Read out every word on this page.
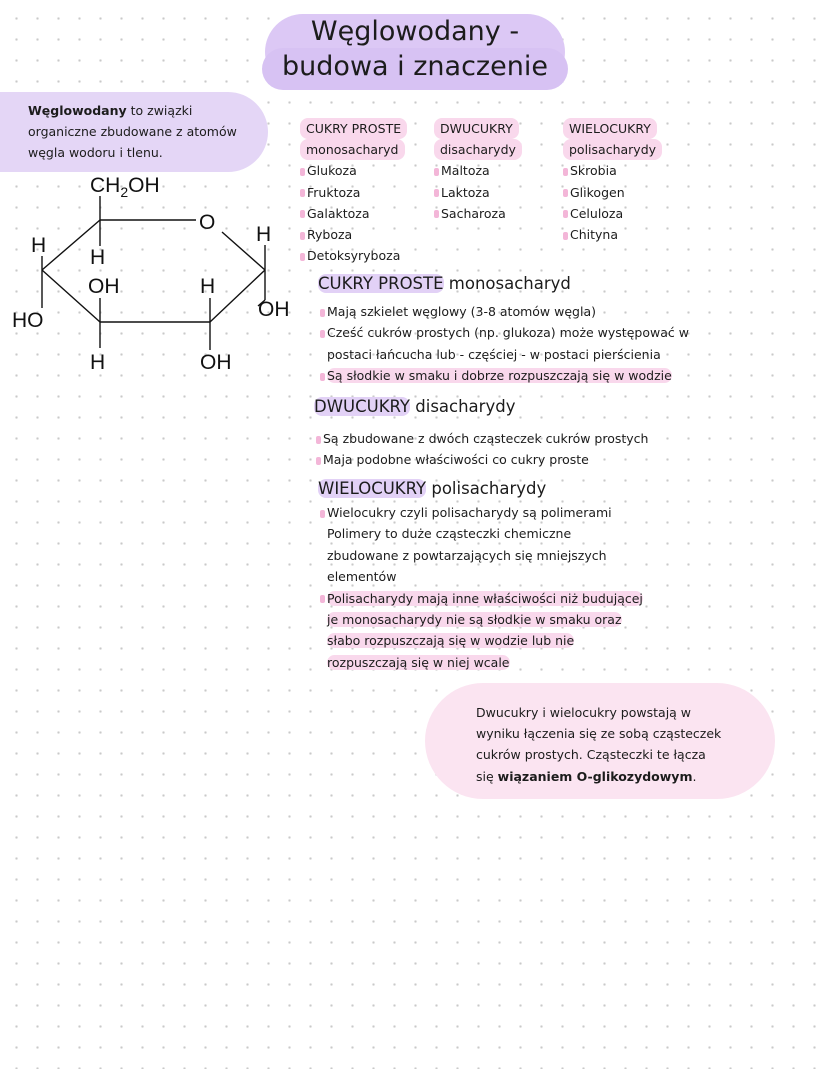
Węglowodany -
budowa i znaczenie
Węglowodany to związki
organiczne zbudowane z atomów
węgla wodoru i tlenu.
$CH_2OH$
O
H
H
H
OH	H
OH
HO
H	OH
CUKRY PROSTE
monosacharyd
Glukoza
Fruktoza
Galaktoza
Ryboza
Detoksyryboza
DWUCUKRY
disacharydy
Maltoza
Laktoza
Sacharoza
WIELOCUKRY
polisacharydy
Skrobia
Glikogen
Celuloza
Chityna
CUKRY PROSTE monosacharyd
Mają szkielet węglowy (3-8 atomów węgla)
Cześć cukrów prostych (np. glukoza) może występować w
postaci łańcucha lub - częściej - w postaci pierścienia
Są słodkie w smaku i dobrze rozpuszczają się w wodzie
DWUCUKRY disacharydy
Są zbudowane z dwóch cząsteczek cukrów prostych
Maja podobne właściwości co cukry proste
WIELOCUKRY polisacharydy
Wielocukry czyli polisacharydy są polimerami
Polimery to duże cząsteczki chemiczne
zbudowane z powtarzających się mniejszych
elementów
Polisacharydy mają inne właściwości niż budującej
je monosacharydy nie są słodkie w smaku oraz
słabo rozpuszczają się w wodzie lub nie
rozpuszczają się w niej wcale
Dwucukry i wielocukry powstają w
wyniku łączenia się ze sobą cząsteczek
cukrów prostych. Cząsteczki te łącza
się wiązaniem O-glikozydowym.
